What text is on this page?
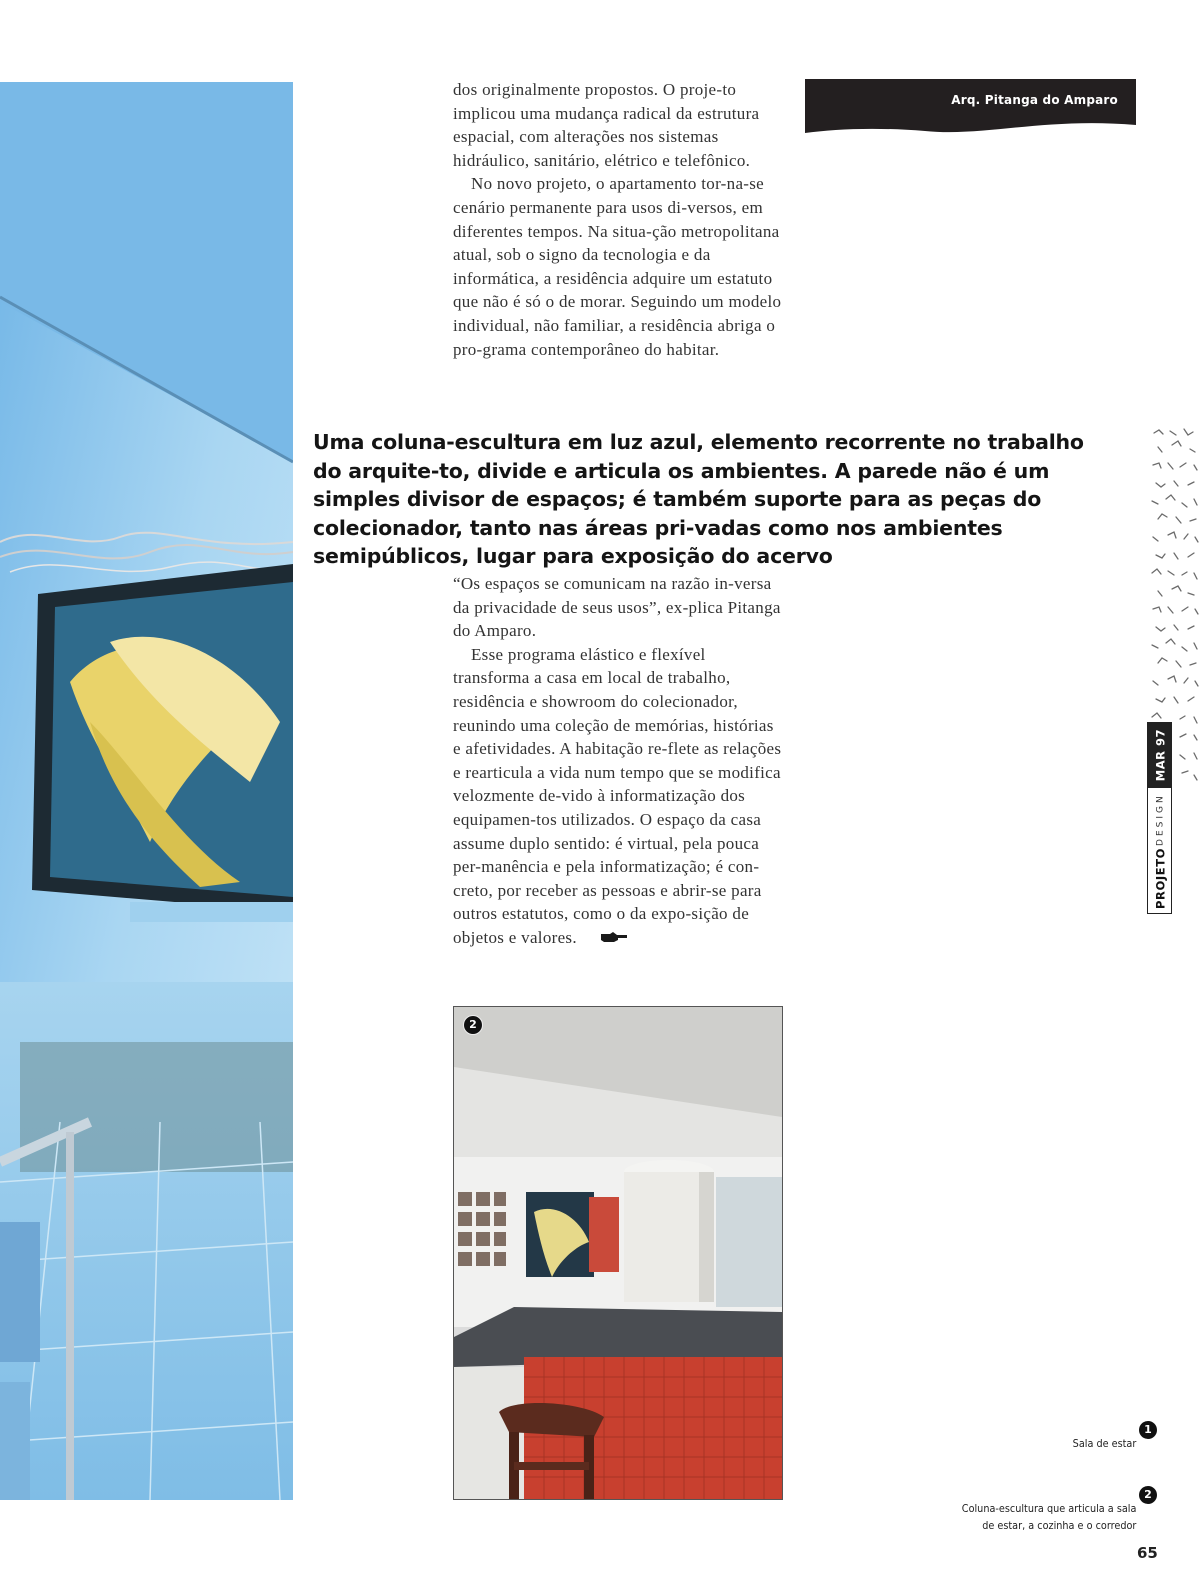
Arq. Pitanga do Amparo

dos originalmente propostos. O proje-to implicou uma mudança radical da estrutura espacial, com alterações nos sistemas hidráulico, sanitário, elétrico e telefônico.

No novo projeto, o apartamento tor-na-se cenário permanente para usos di-versos, em diferentes tempos. Na situa-ção metropolitana atual, sob o signo da tecnologia e da informática, a residência adquire um estatuto que não é só o de morar. Seguindo um modelo individual, não familiar, a residência abriga o pro-grama contemporâneo do habitar.

Uma coluna-escultura em luz azul, elemento recorrente no trabalho do arquite-to, divide e articula os ambientes. A parede não é um simples divisor de espaços; é também suporte para as peças do colecionador, tanto nas áreas pri-vadas como nos ambientes semipúblicos, lugar para exposição do acervo

“Os espaços se comunicam na razão in-versa da privacidade de seus usos”, ex-plica Pitanga do Amparo.

Esse programa elástico e flexível transforma a casa em local de trabalho, residência e showroom do colecionador, reunindo uma coleção de memórias, histórias e afetividades. A habitação re-flete as relações e rearticula a vida num tempo que se modifica velozmente de-vido à informatização dos equipamen-tos utilizados. O espaço da casa assume duplo sentido: é virtual, pela pouca per-manência e pela informatização; é con-creto, por receber as pessoas e abrir-se para outros estatutos, como o da expo-sição de objetos e valores.

2
PROJETO
DESIGN
MAR 97
1
Sala de estar
2
Coluna-escultura que articula a sala
de estar, a cozinha e o corredor
65
